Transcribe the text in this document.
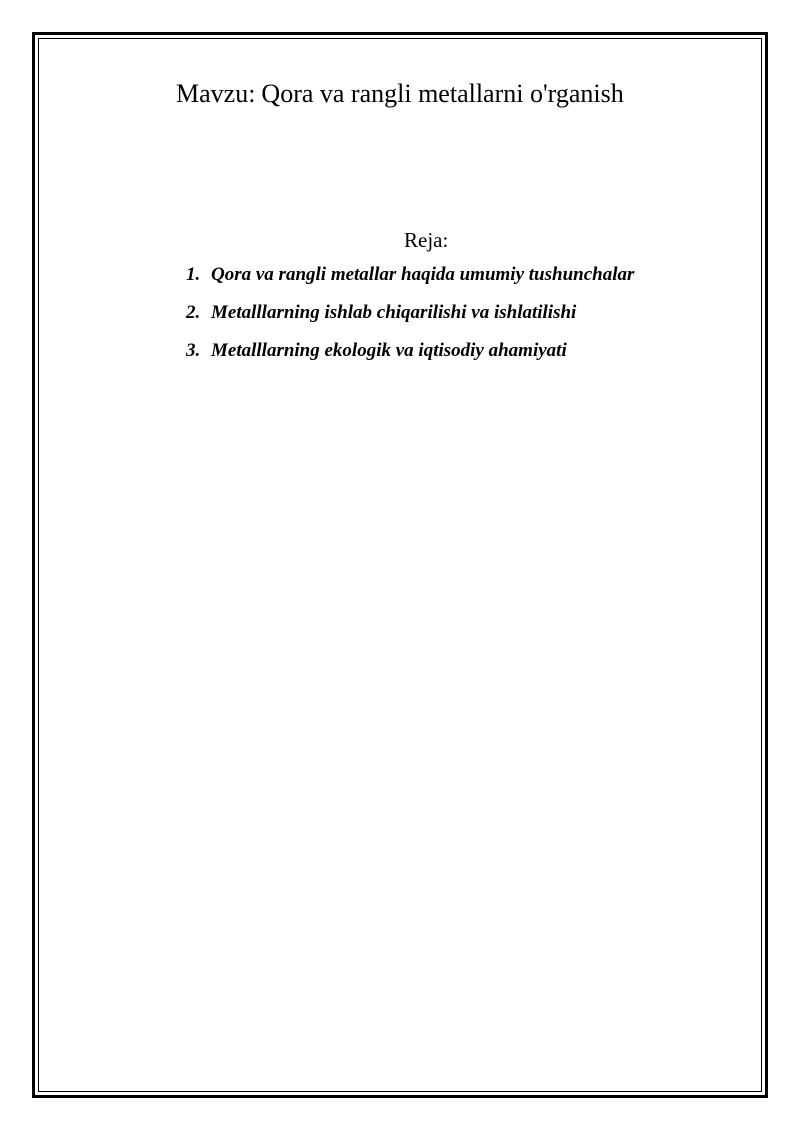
Mavzu: Qora va rangli metallarni o'rganish
Reja:
1. Qora va rangli metallar haqida umumiy tushunchalar
2. Metalllarning ishlab chiqarilishi va ishlatilishi
3. Metalllarning ekologik va iqtisodiy ahamiyati
